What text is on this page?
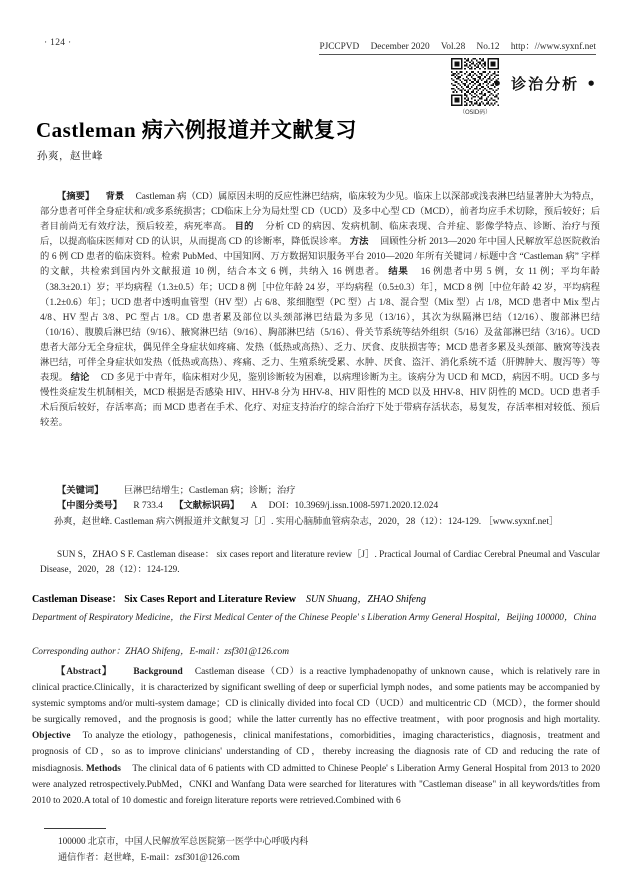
· 124 ·	PJCCPVD December 2020 Vol.28 No.12 http：//www.syxnf.net
（OSID码）
• 诊治分析 •
Castleman 病六例报道并文献复习
孙爽，赵世峰
【摘要】 背景 Castleman 病（CD）属原因未明的反应性淋巴结病，临床较为少见。临床上以深部或浅表淋巴结显著肿大为特点，部分患者可伴全身症状和/或多系统损害；CD临床上分为局灶型 CD（UCD）及多中心型 CD（MCD），前者均应手术切除，预后较好；后者目前尚无有效疗法，预后较差，病死率高。 目的 分析 CD 的病因、发病机制、临床表现、合并症、影像学特点、诊断、治疗与预后，以提高临床医师对 CD 的认识，从而提高 CD 的诊断率，降低误诊率。 方法 回顾性分析 2013—2020 年中国人民解放军总医院救治的 6 例 CD 患者的临床资料。检索 PubMed、中国知网、万方数据知识服务平台 2010—2020 年所有关键词 / 标题中含 “Castleman 病” 字样的文献，共检索到国内外文献报道 10 例，结合本文 6 例，共纳入 16 例患者。 结果 16 例患者中男 5 例，女 11 例；平均年龄（38.3±20.1）岁；平均病程（1.3±0.5）年；UCD 8 例［中位年龄 24 岁，平均病程（0.5±0.3）年］，MCD 8 例［中位年龄 42 岁，平均病程（1.2±0.6）年］；UCD 患者中透明血管型（HV 型）占 6/8、浆细胞型（PC 型）占 1/8、混合型（Mix 型）占 1/8，MCD 患者中 Mix 型占 4/8、HV 型占 3/8、PC 型占 1/8。CD 患者累及部位以头颈部淋巴结最为多见（13/16），其次为纵隔淋巴结（12/16）、腹部淋巴结（10/16）、腹膜后淋巴结（9/16）、腋窝淋巴结（9/16）、胸部淋巴结（5/16）、骨关节系统等结外组织（5/16）及盆部淋巴结（3/16）。UCD 患者大部分无全身症状，偶见伴全身症状如疼痛、发热（低热或高热）、乏力、厌食、皮肤损害等；MCD 患者多累及头颈部、腋窝等浅表淋巴结，可伴全身症状如发热（低热或高热）、疼痛、乏力、生殖系统受累、水肿、厌食、盗汗、消化系统不适（肝脾肿大、腹泻等）等表现。 结论 CD 多见于中青年，临床相对少见，鉴别诊断较为困难，以病理诊断为主。该病分为 UCD 和 MCD，病因不明。UCD 多与慢性炎症发生机制相关，MCD 根据是否感染 HIV、HHV-8 分为 HHV-8、HIV 阳性的 MCD 以及 HHV-8、HIV 阴性的 MCD。UCD 患者手术后预后较好，存活率高；而 MCD 患者在手术、化疗、对症支持治疗的综合治疗下处于带病存活状态，易复发，存活率相对较低、预后较差。
【关键词】 巨淋巴结增生；Castleman 病；诊断；治疗
【中图分类号】 R 733.4 【文献标识码】 A DOI：10.3969/j.issn.1008-5971.2020.12.024
孙爽，赵世峰. Castleman 病六例报道并文献复习［J］. 实用心脑肺血管病杂志，2020，28（12）：124-129. ［www.syxnf.net］
SUN S，ZHAO S F. Castleman disease： six cases report and literature review［J］. Practical Journal of Cardiac Cerebral Pneumal and Vascular Disease，2020，28（12）：124-129.
Castleman Disease： Six Cases Report and Literature Review SUN Shuang，ZHAO Shifeng
Department of Respiratory Medicine，the First Medical Center of the Chinese People' s Liberation Army General Hospital，Beijing 100000，China
Corresponding author：ZHAO Shifeng，E-mail：zsf301@126.com
【Abstract】 Background Castleman disease（CD）is a reactive lymphadenopathy of unknown cause，which is relatively rare in clinical practice.Clinically，it is characterized by significant swelling of deep or superficial lymph nodes，and some patients may be accompanied by systemic symptoms and/or multi-system damage；CD is clinically divided into focal CD（UCD）and multicentric CD（MCD），the former should be surgically removed，and the prognosis is good；while the latter currently has no effective treatment，with poor prognosis and high mortality. Objective To analyze the etiology，pathogenesis，clinical manifestations，comorbidities，imaging characteristics，diagnosis，treatment and prognosis of CD，so as to improve clinicians' understanding of CD，thereby increasing the diagnosis rate of CD and reducing the rate of misdiagnosis. Methods The clinical data of 6 patients with CD admitted to Chinese People' s Liberation Army General Hospital from 2013 to 2020 were analyzed retrospectively.PubMed，CNKI and Wanfang Data were searched for literatures with "Castleman disease" in all keywords/titles from 2010 to 2020.A total of 10 domestic and foreign literature reports were retrieved.Combined with 6
100000 北京市，中国人民解放军总医院第一医学中心呼吸内科
通信作者：赵世峰，E-mail：zsf301@126.com
